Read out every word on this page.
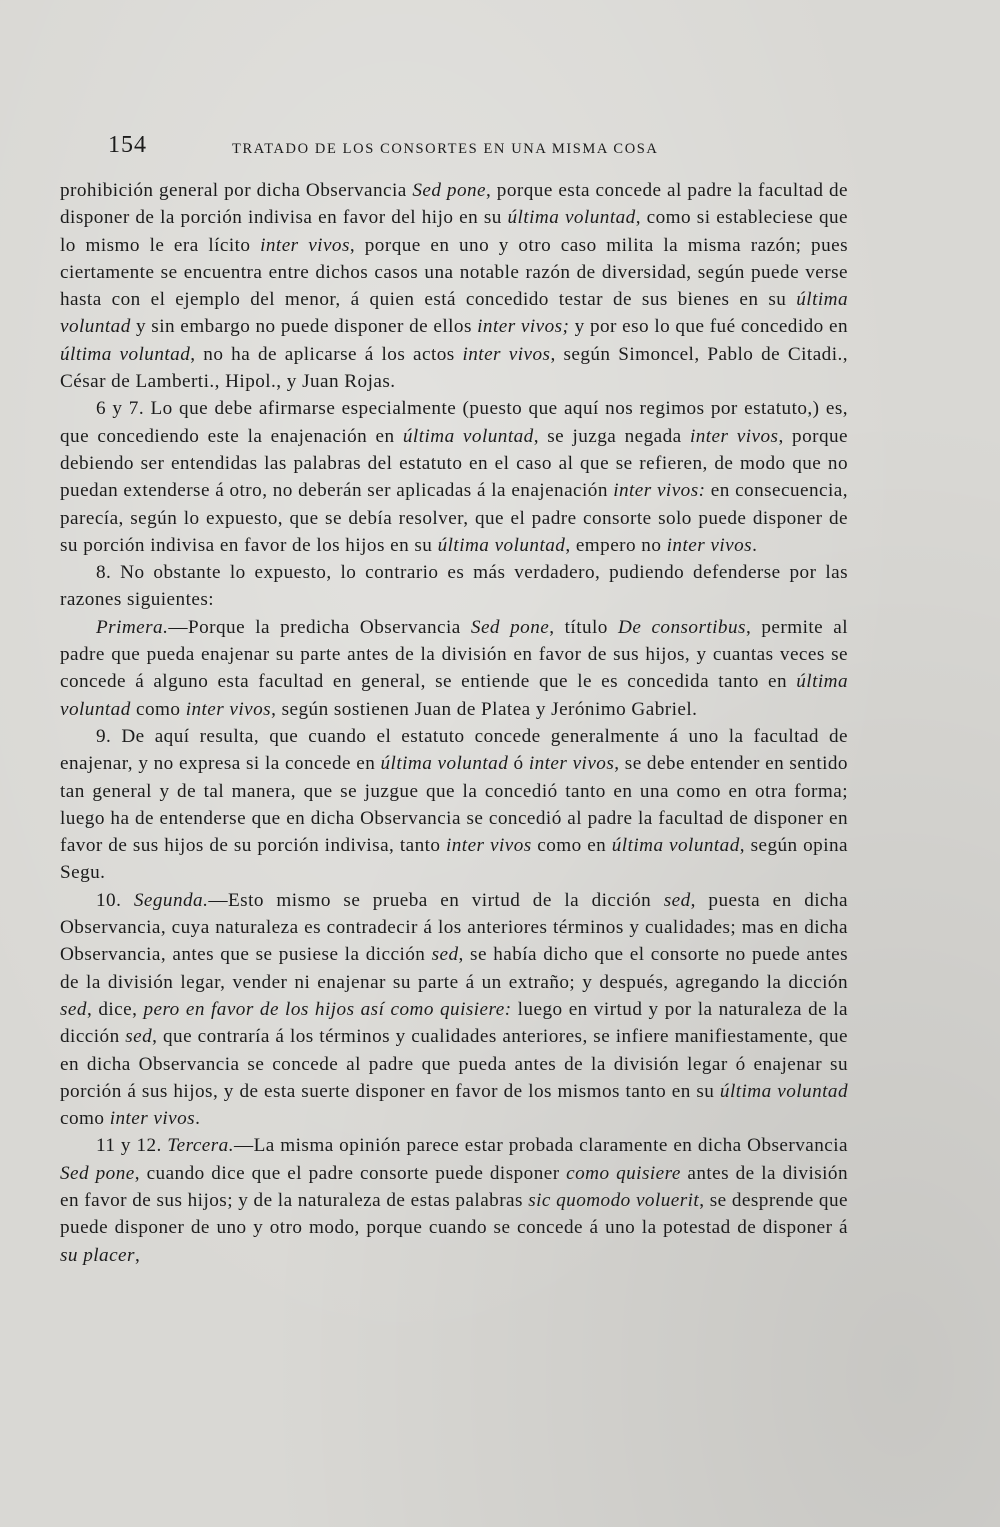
154	TRATADO DE LOS CONSORTES EN UNA MISMA COSA

prohibición general por dicha Observancia Sed pone, porque esta concede al padre la facultad de disponer de la porción indivisa en favor del hijo en su última voluntad, como si estableciese que lo mismo le era lícito inter vivos, porque en uno y otro caso milita la misma razón; pues ciertamente se encuentra entre dichos casos una notable razón de diversidad, según puede verse hasta con el ejemplo del menor, á quien está concedido testar de sus bienes en su última voluntad y sin embargo no puede disponer de ellos inter vivos; y por eso lo que fué concedido en última voluntad, no ha de aplicarse á los actos inter vivos, según Simoncel, Pablo de Citadi., César de Lamberti., Hipol., y Juan Rojas.

6 y 7. Lo que debe afirmarse especialmente (puesto que aquí nos regimos por estatuto,) es, que concediendo este la enajenación en última voluntad, se juzga negada inter vivos, porque debiendo ser entendidas las palabras del estatuto en el caso al que se refieren, de modo que no puedan extenderse á otro, no deberán ser aplicadas á la enajenación inter vivos: en consecuencia, parecía, según lo expuesto, que se debía resolver, que el padre consorte solo puede disponer de su porción indivisa en favor de los hijos en su última voluntad, empero no inter vivos.

8. No obstante lo expuesto, lo contrario es más verdadero, pudiendo defenderse por las razones siguientes:

Primera.—Porque la predicha Observancia Sed pone, título De consortibus, permite al padre que pueda enajenar su parte antes de la división en favor de sus hijos, y cuantas veces se concede á alguno esta facultad en general, se entiende que le es concedida tanto en última voluntad como inter vivos, según sostienen Juan de Platea y Jerónimo Gabriel.

9. De aquí resulta, que cuando el estatuto concede generalmente á uno la facultad de enajenar, y no expresa si la concede en última voluntad ó inter vivos, se debe entender en sentido tan general y de tal manera, que se juzgue que la concedió tanto en una como en otra forma; luego ha de entenderse que en dicha Observancia se concedió al padre la facultad de disponer en favor de sus hijos de su porción indivisa, tanto inter vivos como en última voluntad, según opina Segu.

10. Segunda.—Esto mismo se prueba en virtud de la dicción sed, puesta en dicha Observancia, cuya naturaleza es contradecir á los anteriores términos y cualidades; mas en dicha Observancia, antes que se pusiese la dicción sed, se había dicho que el consorte no puede antes de la división legar, vender ni enajenar su parte á un extraño; y después, agregando la dicción sed, dice, pero en favor de los hijos así como quisiere: luego en virtud y por la naturaleza de la dicción sed, que contraría á los términos y cualidades anteriores, se infiere manifiestamente, que en dicha Observancia se concede al padre que pueda antes de la división legar ó enajenar su porción á sus hijos, y de esta suerte disponer en favor de los mismos tanto en su última voluntad como inter vivos.

11 y 12. Tercera.—La misma opinión parece estar probada claramente en dicha Observancia Sed pone, cuando dice que el padre consorte puede disponer como quisiere antes de la división en favor de sus hijos; y de la naturaleza de estas palabras sic quomodo voluerit, se desprende que puede disponer de uno y otro modo, porque cuando se concede á uno la potestad de disponer á su placer,
